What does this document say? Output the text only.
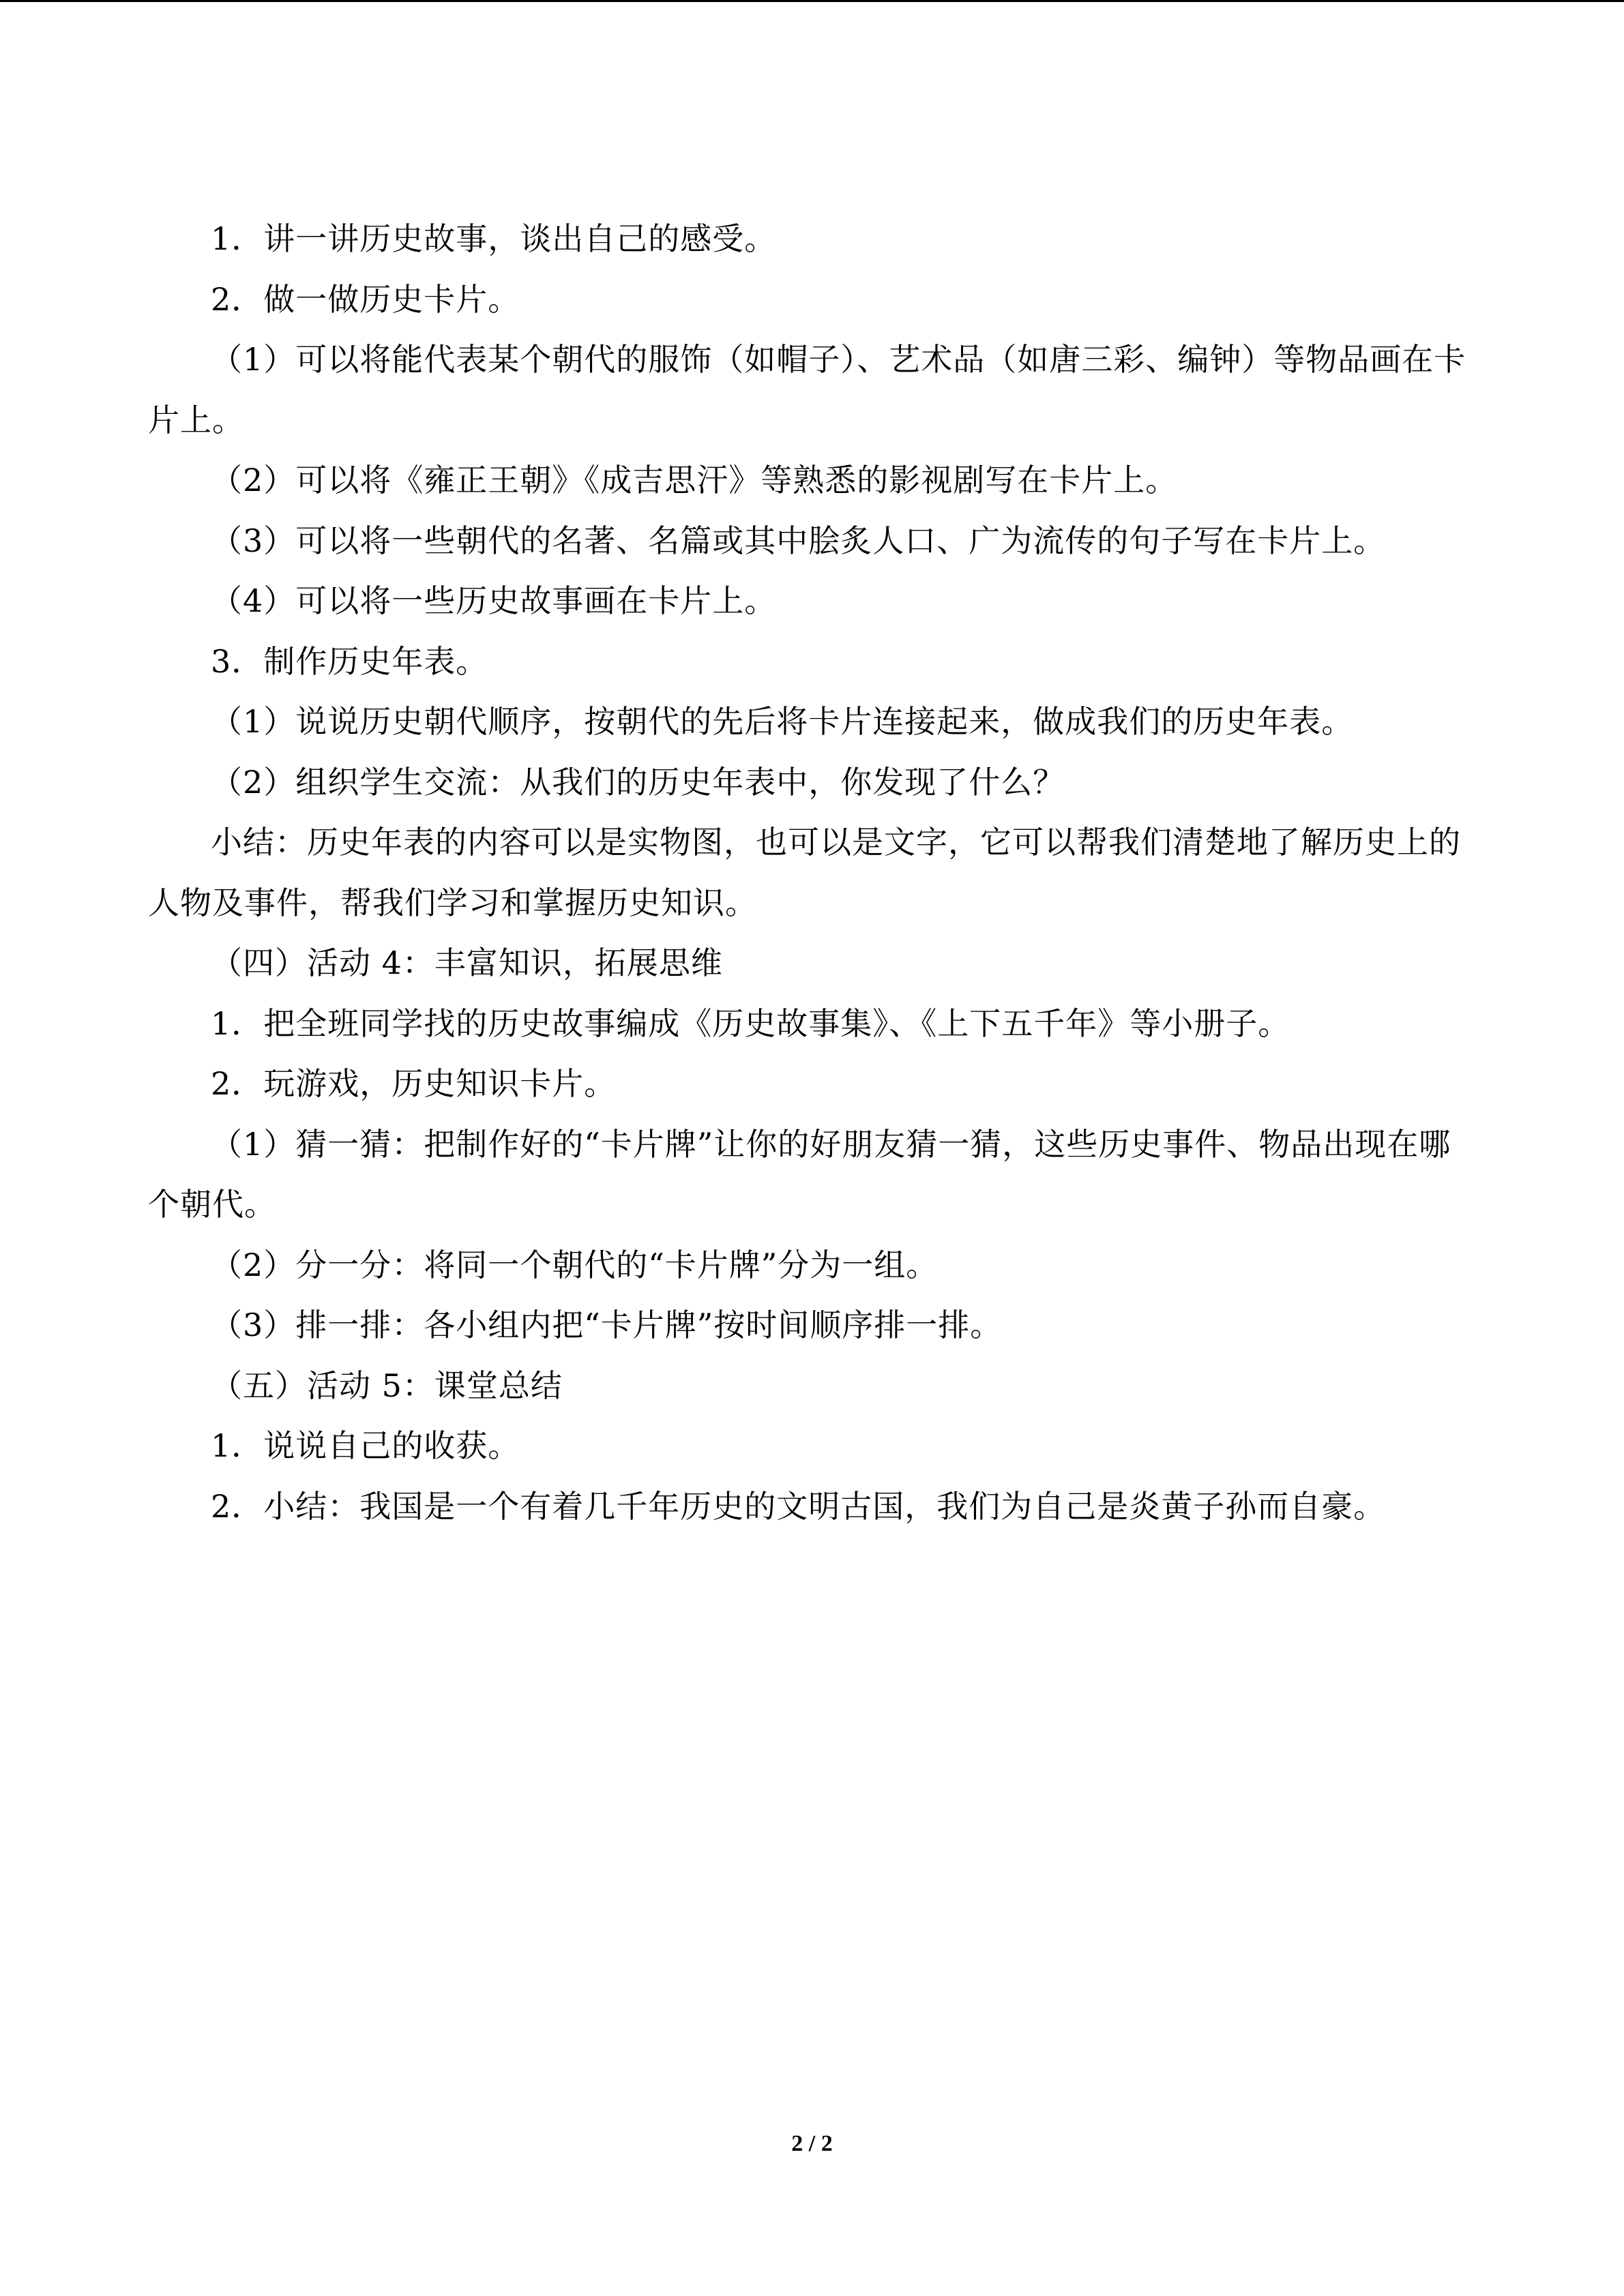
1．讲一讲历史故事，谈出自己的感受。

2．做一做历史卡片。

（1）可以将能代表某个朝代的服饰（如帽子）、艺术品（如唐三彩、编钟）等物品画在卡片上。

（2）可以将《雍正王朝》《成吉思汗》等熟悉的影视剧写在卡片上。

（3）可以将一些朝代的名著、名篇或其中脍炙人口、广为流传的句子写在卡片上。

（4）可以将一些历史故事画在卡片上。

3．制作历史年表。

（1）说说历史朝代顺序，按朝代的先后将卡片连接起来，做成我们的历史年表。

（2）组织学生交流：从我们的历史年表中，你发现了什么？

小结：历史年表的内容可以是实物图，也可以是文字，它可以帮我们清楚地了解历史上的人物及事件，帮我们学习和掌握历史知识。

（四）活动 4：丰富知识，拓展思维

1．把全班同学找的历史故事编成《历史故事集》、《上下五千年》等小册子。

2．玩游戏，历史知识卡片。

（1）猜一猜：把制作好的“卡片牌”让你的好朋友猜一猜，这些历史事件、物品出现在哪个朝代。

（2）分一分：将同一个朝代的“卡片牌”分为一组。

（3）排一排：各小组内把“卡片牌”按时间顺序排一排。

（五）活动 5：课堂总结

1．说说自己的收获。

2．小结：我国是一个有着几千年历史的文明古国，我们为自己是炎黄子孙而自豪。

2 / 2
